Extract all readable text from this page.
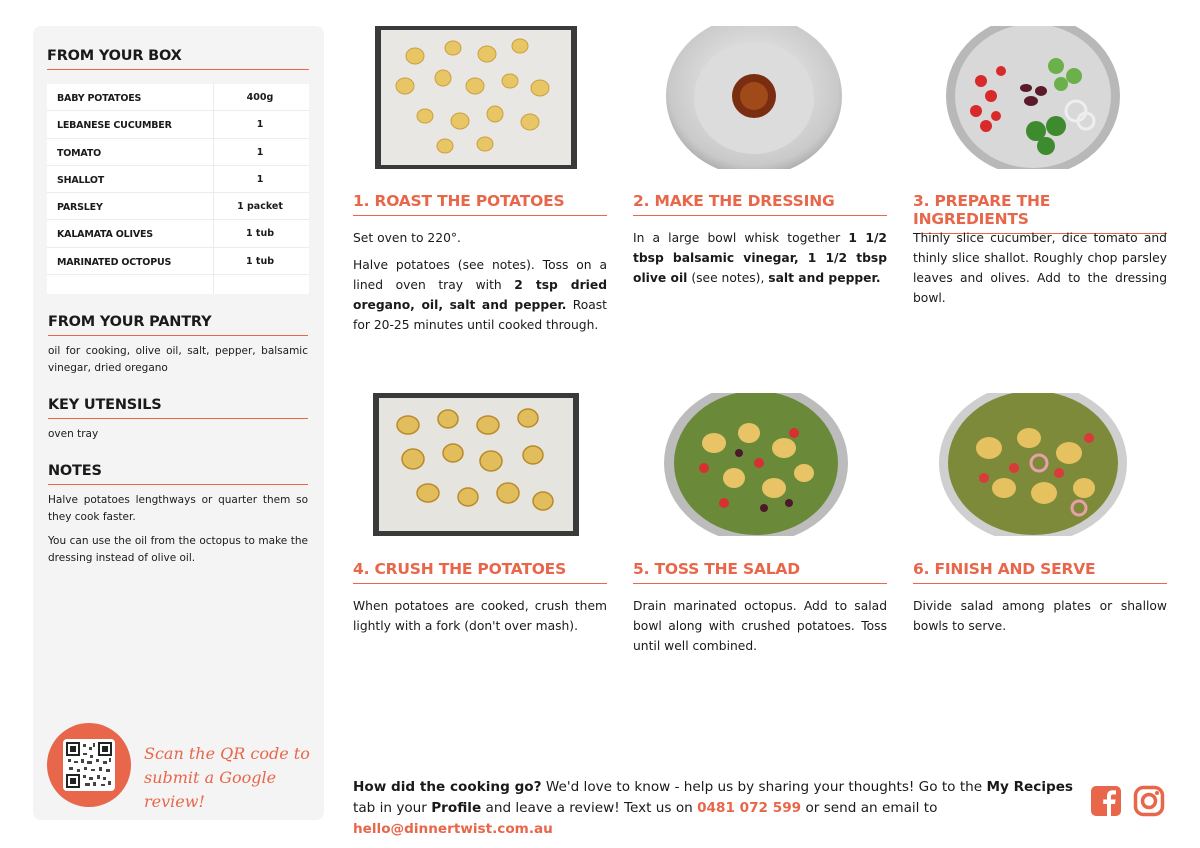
FROM YOUR BOX
BABY POTATOES	400g
LEBANESE CUCUMBER	1
TOMATO	1
SHALLOT	1
PARSLEY	1 packet
KALAMATA OLIVES	1 tub
MARINATED OCTOPUS	1 tub
FROM YOUR PANTRY
oil for cooking, olive oil, salt, pepper, balsamic vinegar, dried oregano
KEY UTENSILS
oven tray
NOTES
Halve potatoes lengthways or quarter them so they cook faster.
You can use the oil from the octopus to make the dressing instead of olive oil.
Scan the QR code to submit a Google review!
1. ROAST THE POTATOES

Set oven to 220°.

Halve potatoes (see notes). Toss on a lined oven tray with 2 tsp dried oregano, oil, salt and pepper. Roast for 20-25 minutes until cooked through.

2. MAKE THE DRESSING

In a large bowl whisk together 1 1/2 tbsp balsamic vinegar, 1 1/2 tbsp olive oil (see notes), salt and pepper.

3. PREPARE THE INGREDIENTS
Thinly slice cucumber, dice tomato and thinly slice shallot. Roughly chop parsley leaves and olives. Add to the dressing bowl.
4. CRUSH THE POTATOES
When potatoes are cooked, crush them lightly with a fork (don't over mash).
5. TOSS THE SALAD
Drain marinated octopus. Add to salad bowl along with crushed potatoes. Toss until well combined.
6. FINISH AND SERVE
Divide salad among plates or shallow bowls to serve.
How did the cooking go? We'd love to know - help us by sharing your thoughts! Go to the My Recipes tab in your Profile and leave a review! Text us on 0481 072 599 or send an email to hello@dinnertwist.com.au
